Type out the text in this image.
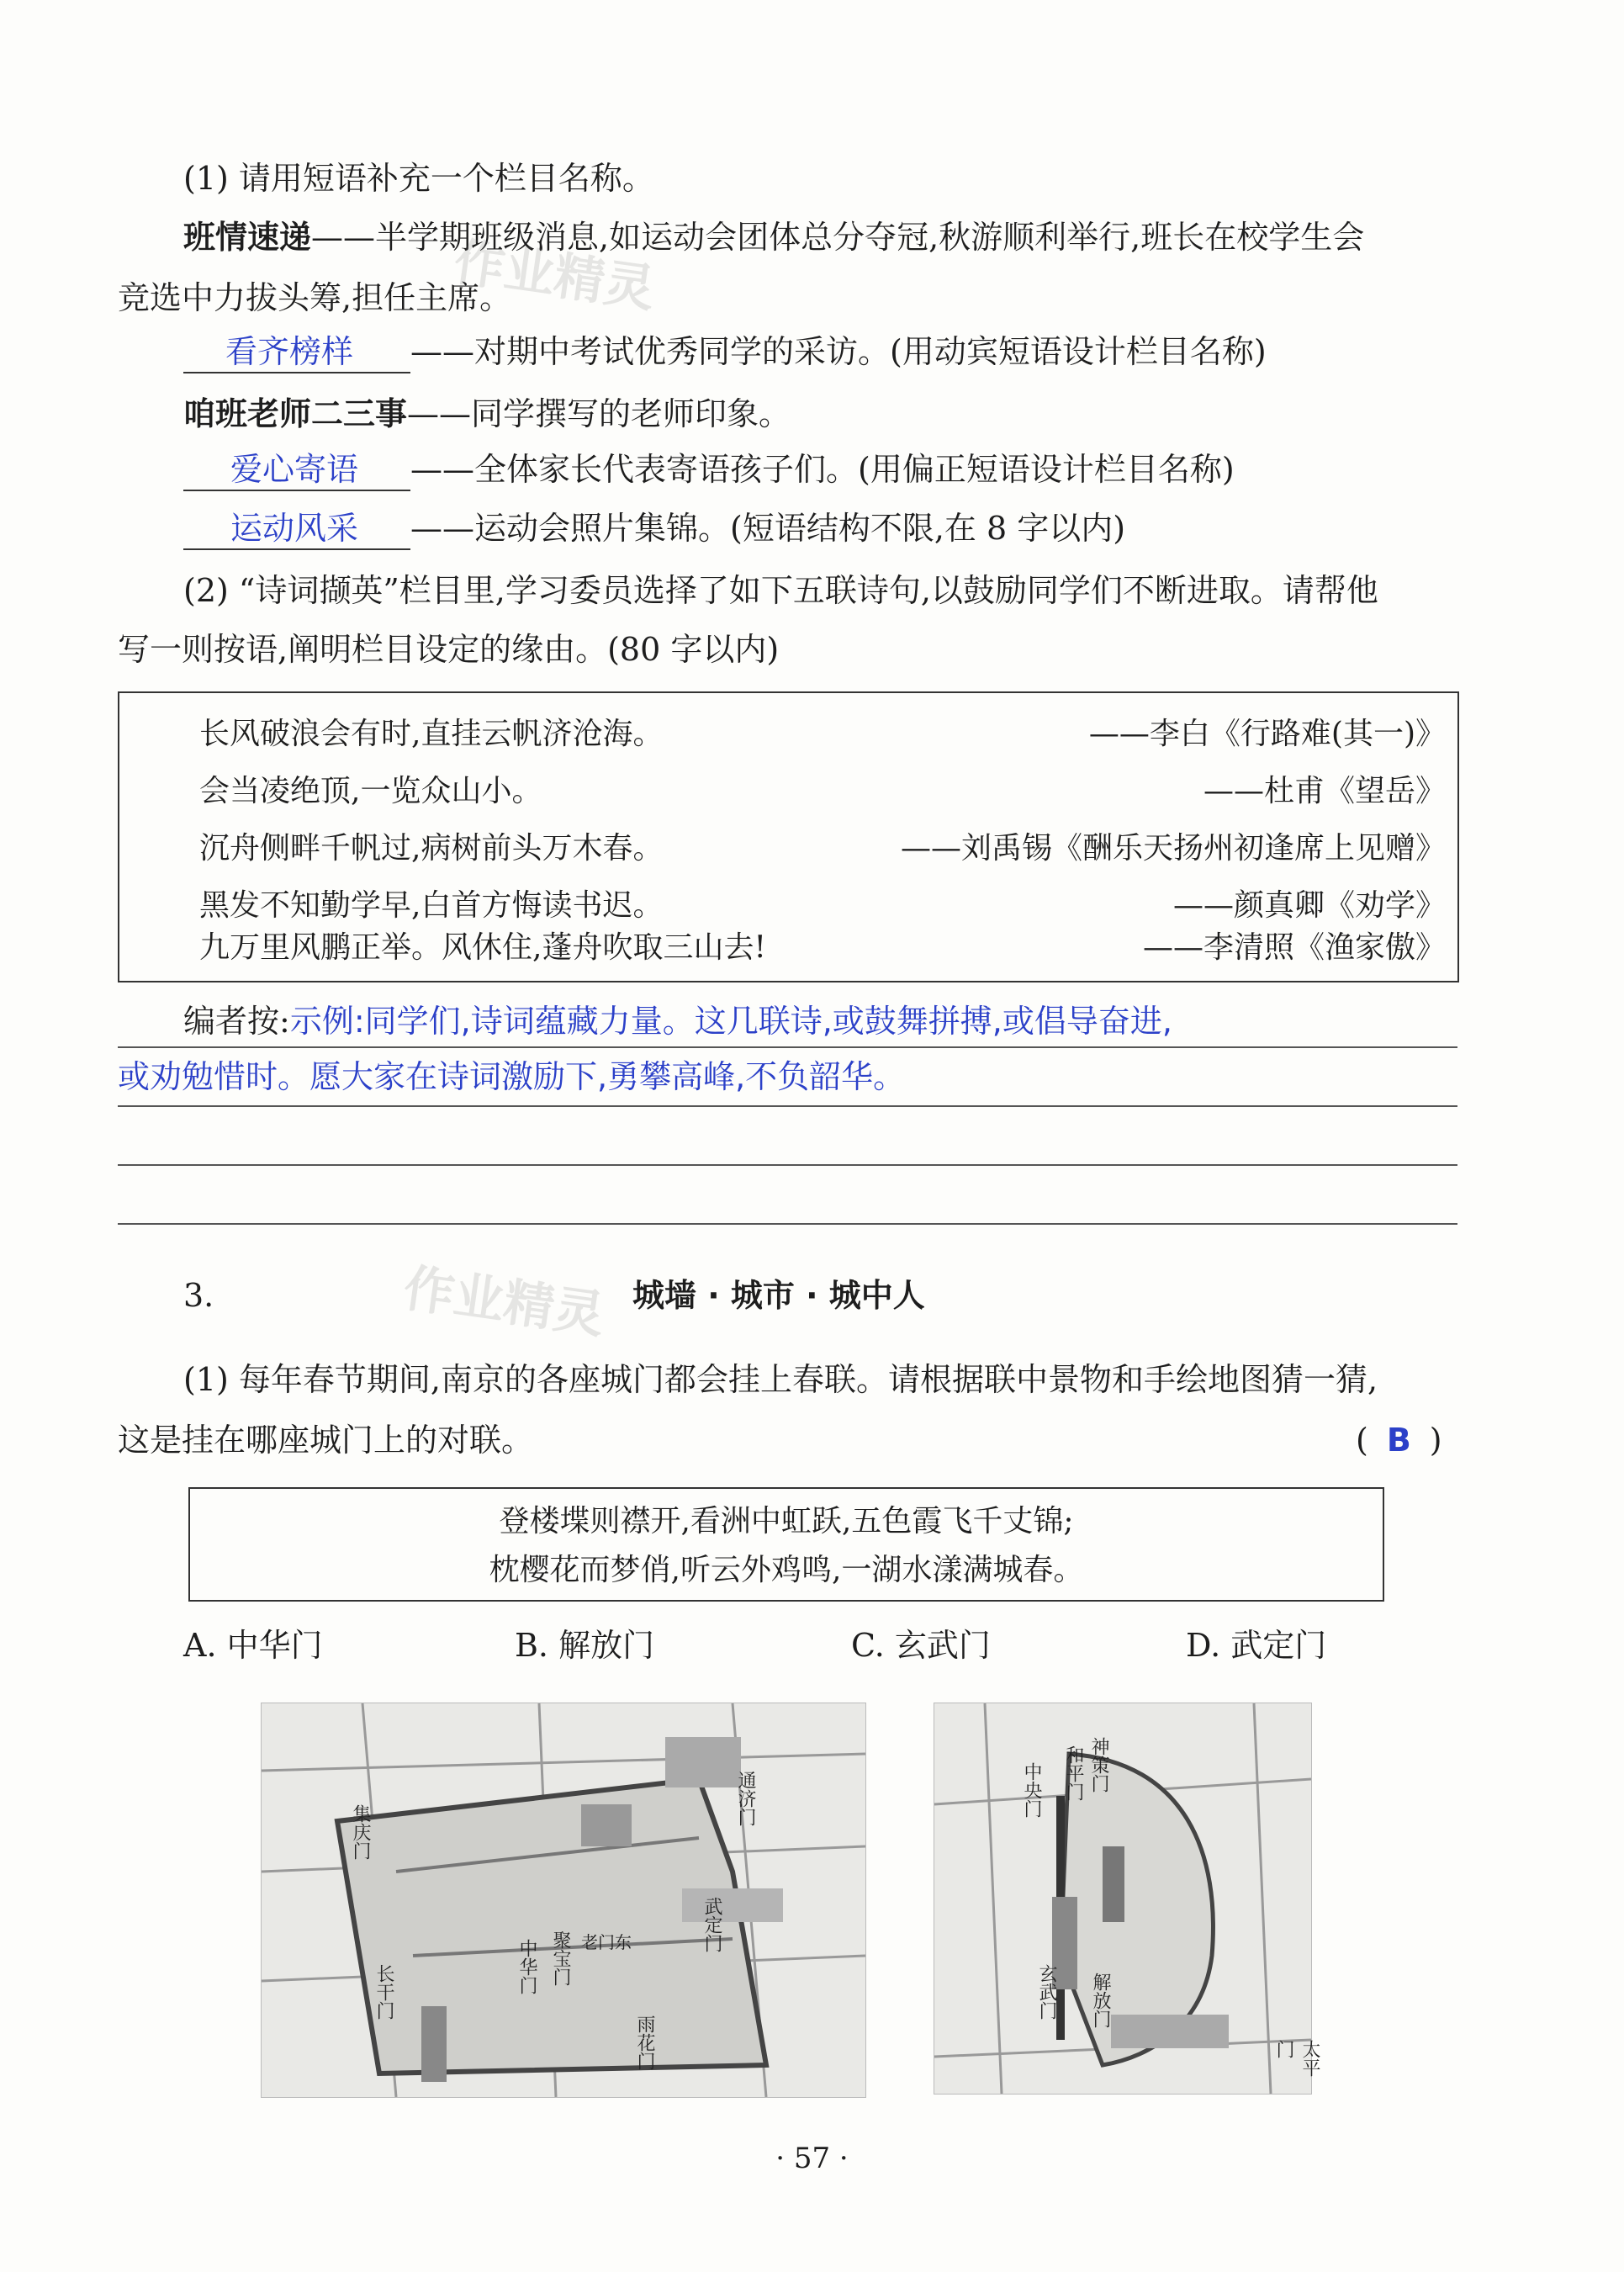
(1) 请用短语补充一个栏目名称。
班情速递——半学期班级消息,如运动会团体总分夺冠,秋游顺利举行,班长在校学生会
竞选中力拔头筹,担任主席。
看齐榜样 ——对期中考试优秀同学的采访。(用动宾短语设计栏目名称)
咱班老师二三事——同学撰写的老师印象。
爱心寄语 ——全体家长代表寄语孩子们。(用偏正短语设计栏目名称)
运动风采 ——运动会照片集锦。(短语结构不限,在 8 字以内)
(2) “诗词撷英”栏目里,学习委员选择了如下五联诗句,以鼓励同学们不断进取。请帮他
写一则按语,阐明栏目设定的缘由。(80 字以内)
长风破浪会有时,直挂云帆济沧海。	——李白《行路难(其一)》
会当凌绝顶,一览众山小。	——杜甫《望岳》
沉舟侧畔千帆过,病树前头万木春。	——刘禹锡《酬乐天扬州初逢席上见赠》
黑发不知勤学早,白首方悔读书迟。	——颜真卿《劝学》
九万里风鹏正举。风休住,蓬舟吹取三山去!	——李清照《渔家傲》
编者按:示例:同学们,诗词蕴藏力量。这几联诗,或鼓舞拼搏,或倡导奋进,
或劝勉惜时。愿大家在诗词激励下,勇攀高峰,不负韶华。
作业精灵
作业精灵
3.	城墙 · 城市 · 城中人
(1) 每年春节期间,南京的各座城门都会挂上春联。请根据联中景物和手绘地图猜一猜,
这是挂在哪座城门上的对联。	( B )
登楼堞则襟开,看洲中虹跃,五色霞飞千丈锦;
枕樱花而梦俏,听云外鸡鸣,一湖水漾满城春。
A. 中华门	B. 解放门	C. 玄武门	D. 武定门
集庆门
武定门
长干门
雨花门
聚宝门
中华门	老门东
通济门
神策门
和平门
中央门
玄武门 解放门
太平门
· 57 ·
